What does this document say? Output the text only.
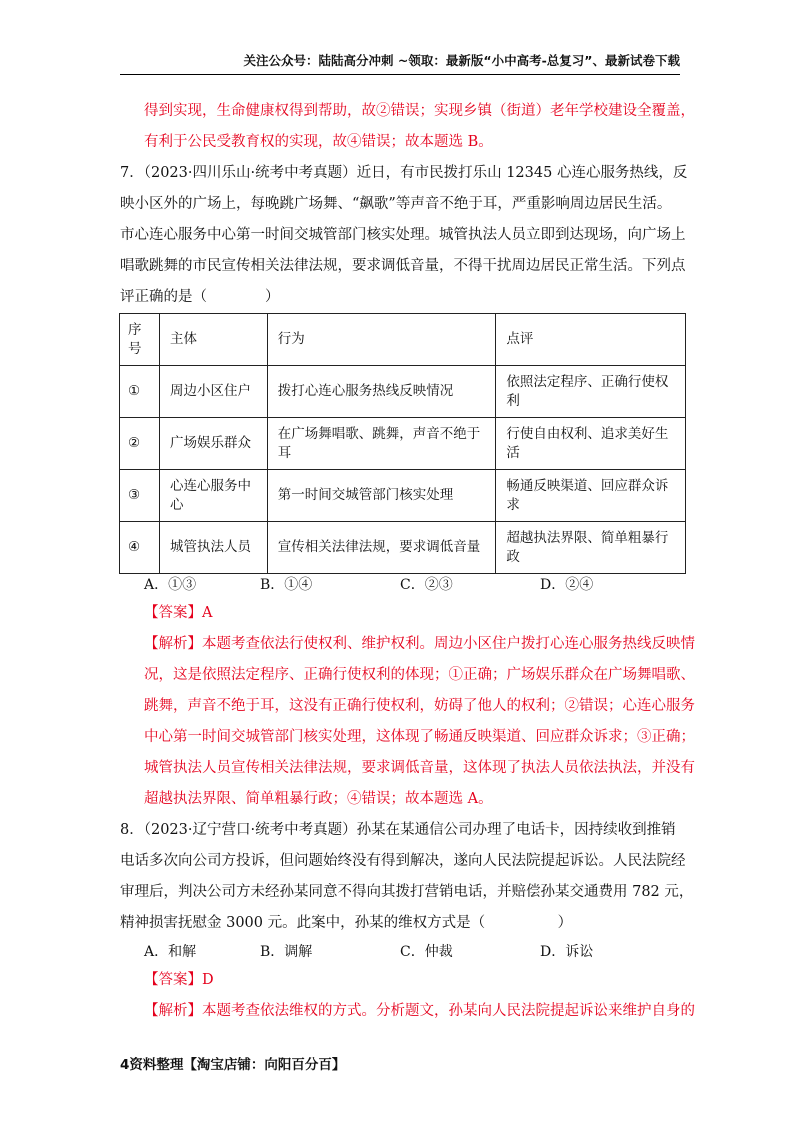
关注公众号：陆陆高分冲刺 ~领取：最新版“小中高考-总复习”、最新试卷下载
得到实现，生命健康权得到帮助，故②错误；实现乡镇（街道）老年学校建设全覆盖，
有利于公民受教育权的实现，故④错误；故本题选 B。
7．（2023·四川乐山·统考中考真题）近日，有市民拨打乐山 12345 心连心服务热线，反
映小区外的广场上，每晚跳广场舞、“飙歌”等声音不绝于耳，严重影响周边居民生活。
市心连心服务中心第一时间交城管部门核实处理。城管执法人员立即到达现场，向广场上
唱歌跳舞的市民宣传相关法律法规，要求调低音量，不得干扰周边居民正常生活。下列点
评正确的是（　　　　）
序号	主体	行为	点评
①	周边小区住户	拨打心连心服务热线反映情况	依照法定程序、正确行使权利
②	广场娱乐群众	在广场舞唱歌、跳舞，声音不绝于耳	行使自由权利、追求美好生活
③	心连心服务中心	第一时间交城管部门核实处理	畅通反映渠道、回应群众诉求
④	城管执法人员	宣传相关法律法规，要求调低音量	超越执法界限、简单粗暴行政
A．①③	B．①④	C．②③	D．②④
【答案】A
【解析】本题考查依法行使权利、维护权利。周边小区住户拨打心连心服务热线反映情
况，这是依照法定程序、正确行使权利的体现；①正确；广场娱乐群众在广场舞唱歌、
跳舞，声音不绝于耳，这没有正确行使权利，妨碍了他人的权利；②错误；心连心服务
中心第一时间交城管部门核实处理，这体现了畅通反映渠道、回应群众诉求；③正确；
城管执法人员宣传相关法律法规，要求调低音量，这体现了执法人员依法执法，并没有
超越执法界限、简单粗暴行政；④错误；故本题选 A。
8．（2023·辽宁营口·统考中考真题）孙某在某通信公司办理了电话卡，因持续收到推销
电话多次向公司方投诉，但问题始终没有得到解决，遂向人民法院提起诉讼。人民法院经
审理后，判决公司方未经孙某同意不得向其拨打营销电话，并赔偿孙某交通费用 782 元，
精神损害抚慰金 3000 元。此案中，孙某的维权方式是（　　　　　）
A．和解	B．调解	C．仲裁	D．诉讼
【答案】D
【解析】本题考查依法维权的方式。分析题文，孙某向人民法院提起诉讼来维护自身的
4资料整理【淘宝店铺：向阳百分百】
